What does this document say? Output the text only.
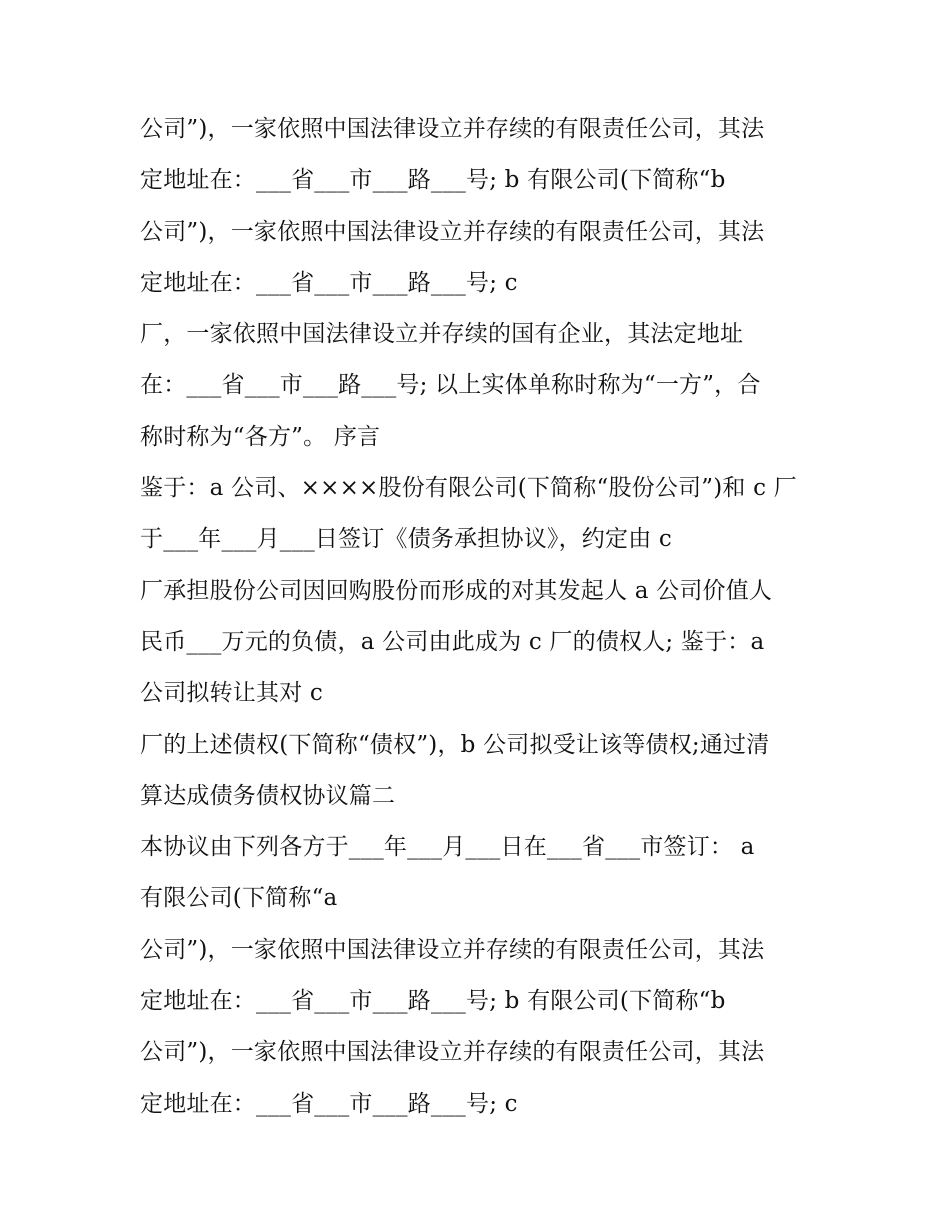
公司”)，一家依照中国法律设立并存续的有限责任公司，其法
定地址在：___省___市___路___号; b 有限公司(下简称“b
公司”)，一家依照中国法律设立并存续的有限责任公司，其法
定地址在：___省___市___路___号; c
厂，一家依照中国法律设立并存续的国有企业，其法定地址
在：___省___市___路___号; 以上实体单称时称为“一方”，合
称时称为“各方”。 序言
鉴于：a 公司、××××股份有限公司(下简称“股份公司”)和 c 厂
于___年___月___日签订《债务承担协议》，约定由 c
厂承担股份公司因回购股份而形成的对其发起人 a 公司价值人
民币___万元的负债，a 公司由此成为 c 厂的债权人; 鉴于：a
公司拟转让其对 c
厂的上述债权(下简称“债权”)，b 公司拟受让该等债权;通过清
算达成债务债权协议篇二
本协议由下列各方于___年___月___日在___省___市签订： a
有限公司(下简称“a
公司”)，一家依照中国法律设立并存续的有限责任公司，其法
定地址在：___省___市___路___号; b 有限公司(下简称“b
公司”)，一家依照中国法律设立并存续的有限责任公司，其法
定地址在：___省___市___路___号; c
